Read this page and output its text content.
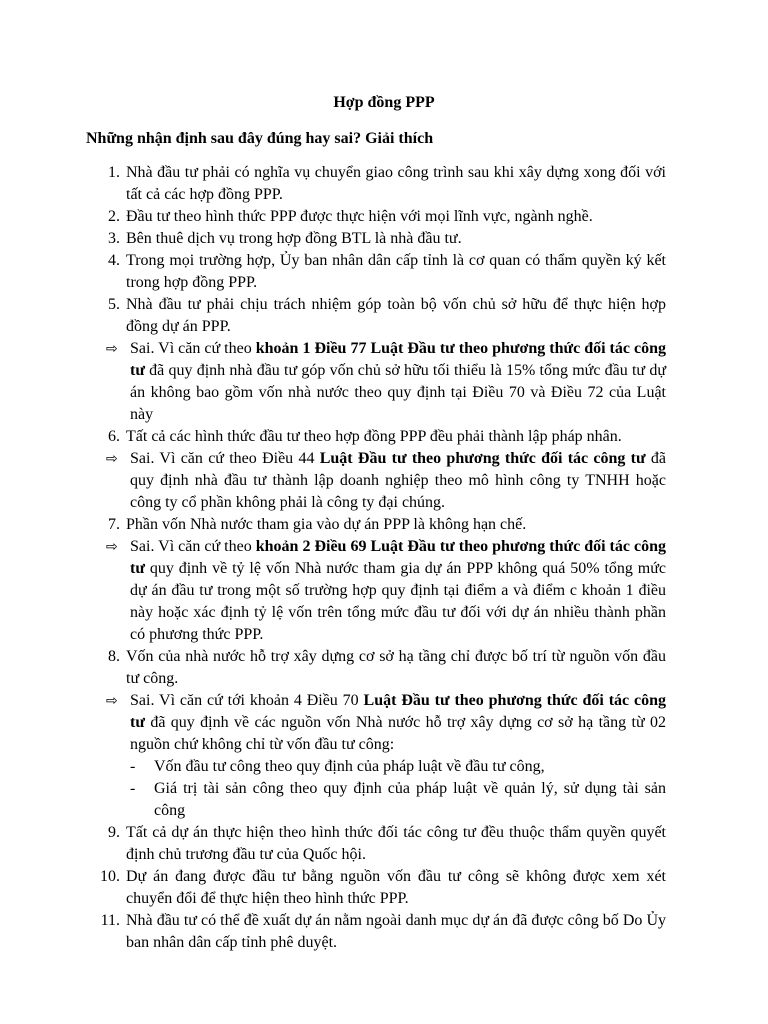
Hợp đồng PPP
Những nhận định sau đây đúng hay sai? Giải thích
1. Nhà đầu tư phải có nghĩa vụ chuyển giao công trình sau khi xây dựng xong đối với tất cả các hợp đồng PPP.
2. Đầu tư theo hình thức PPP được thực hiện với mọi lĩnh vực, ngành nghề.
3. Bên thuê dịch vụ trong hợp đồng BTL là nhà đầu tư.
4. Trong mọi trường hợp, Ủy ban nhân dân cấp tỉnh là cơ quan có thẩm quyền ký kết trong hợp đồng PPP.
5. Nhà đầu tư phải chịu trách nhiệm góp toàn bộ vốn chủ sở hữu để thực hiện hợp đồng dự án PPP.
⇨ Sai. Vì căn cứ theo khoản 1 Điều 77 Luật Đầu tư theo phương thức đối tác công tư đã quy định nhà đầu tư góp vốn chủ sở hữu tối thiểu là 15% tổng mức đầu tư dự án không bao gồm vốn nhà nước theo quy định tại Điều 70 và Điều 72 của Luật này
6. Tất cả các hình thức đầu tư theo hợp đồng PPP đều phải thành lập pháp nhân.
⇨ Sai. Vì căn cứ theo Điều 44 Luật Đầu tư theo phương thức đối tác công tư đã quy định nhà đầu tư thành lập doanh nghiệp theo mô hình công ty TNHH hoặc công ty cổ phần không phải là công ty đại chúng.
7. Phần vốn Nhà nước tham gia vào dự án PPP là không hạn chế.
⇨ Sai. Vì căn cứ theo khoản 2 Điều 69 Luật Đầu tư theo phương thức đối tác công tư quy định về tỷ lệ vốn Nhà nước tham gia dự án PPP không quá 50% tổng mức dự án đầu tư trong một số trường hợp quy định tại điểm a và điểm c khoản 1 điều này hoặc xác định tỷ lệ vốn trên tổng mức đầu tư đối với dự án nhiều thành phần có phương thức PPP.
8. Vốn của nhà nước hỗ trợ xây dựng cơ sở hạ tầng chỉ được bố trí từ nguồn vốn đầu tư công.
⇨ Sai. Vì căn cứ tới khoản 4 Điều 70 Luật Đầu tư theo phương thức đối tác công tư đã quy định về các nguồn vốn Nhà nước hỗ trợ xây dựng cơ sở hạ tầng từ 02 nguồn chứ không chỉ từ vốn đầu tư công:
- Vốn đầu tư công theo quy định của pháp luật về đầu tư công,
- Giá trị tài sản công theo quy định của pháp luật về quản lý, sử dụng tài sản công
9. Tất cả dự án thực hiện theo hình thức đối tác công tư đều thuộc thẩm quyền quyết định chủ trương đầu tư của Quốc hội.
10. Dự án đang được đầu tư bằng nguồn vốn đầu tư công sẽ không được xem xét chuyển đổi để thực hiện theo hình thức PPP.
11. Nhà đầu tư có thể đề xuất dự án nằm ngoài danh mục dự án đã được công bố Do Ủy ban nhân dân cấp tỉnh phê duyệt.
